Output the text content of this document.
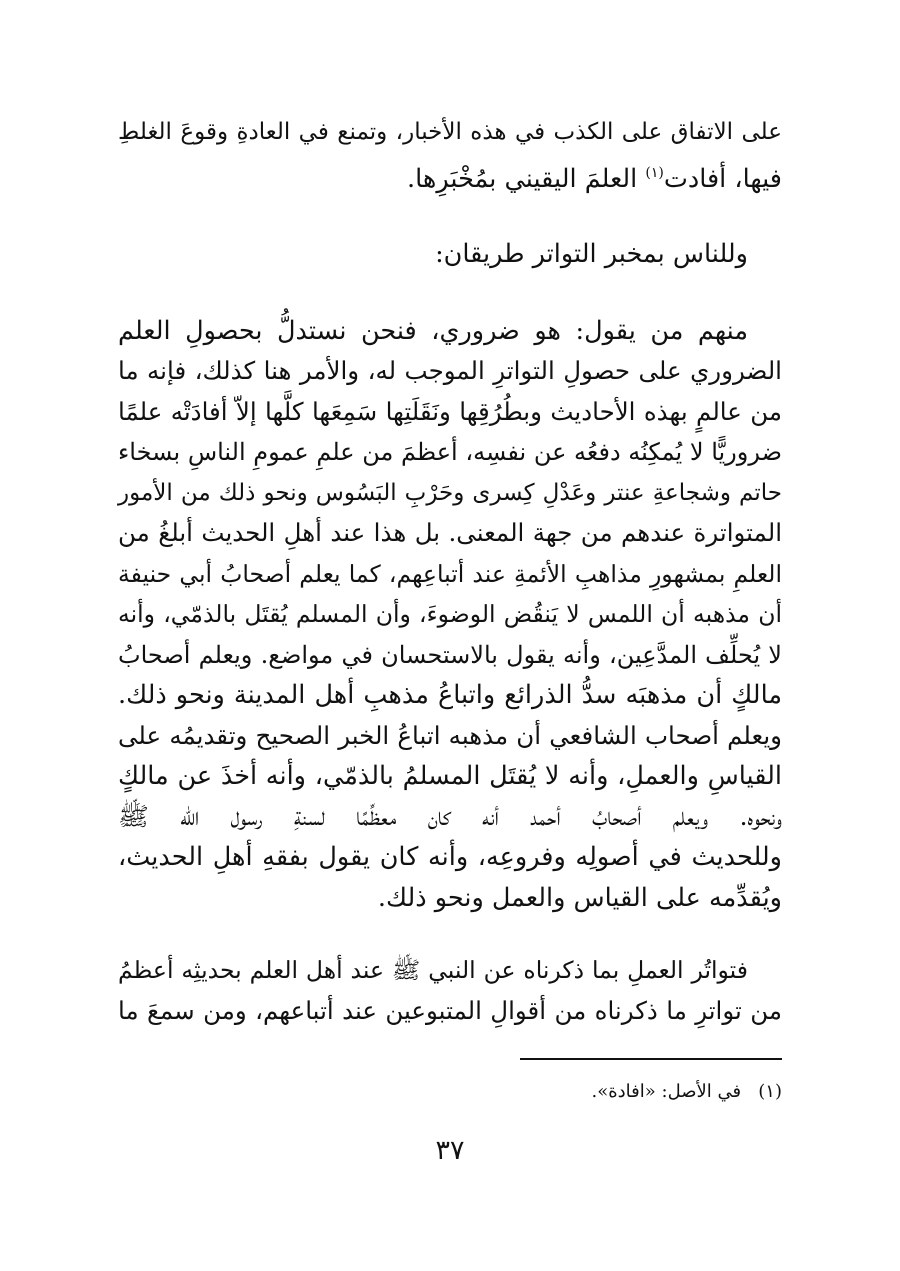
على الاتفاق على الكذب في هذه الأخبار، وتمنع في العادةِ وقوعَ الغلطِ
فيها، أفادت$^{(١)}$ العلمَ اليقيني بمُخْبَرِها.
وللناس بمخبر التواتر طريقان:
منهم من يقول: هو ضروري، فنحن نستدلُّ بحصولِ العلم
الضروري على حصولِ التواترِ الموجب له، والأمر هنا كذلك، فإنه ما
من عالمٍ بهذه الأحاديث وبطُرُقِها ونَقَلَتِها سَمِعَها كلَّها إلاّ أفادَتْه علمًا
ضروريًّا لا يُمكِنُه دفعُه عن نفسِه، أعظمَ من علمِ عمومِ الناسِ بسخاء
حاتم وشجاعةِ عنتر وعَدْلِ كِسرى وحَرْبِ البَسُوس ونحو ذلك من الأمور
المتواترة عندهم من جهة المعنى. بل هذا عند أهلِ الحديث أبلغُ من
العلمِ بمشهورِ مذاهبِ الأئمةِ عند أتباعِهم، كما يعلم أصحابُ أبي حنيفة
أن مذهبه أن اللمس لا يَنقُض الوضوءَ، وأن المسلم يُقتَل بالذمّي، وأنه
لا يُحلِّف المدَّعِين، وأنه يقول بالاستحسان في مواضع. ويعلم أصحابُ
مالكٍ أن مذهبَه سدُّ الذرائع واتباعُ مذهبِ أهل المدينة ونحو ذلك.
ويعلم أصحاب الشافعي أن مذهبه اتباعُ الخبر الصحيح وتقديمُه على
القياسِ والعملِ، وأنه لا يُقتَل المسلمُ بالذمّي، وأنه أخذَ عن مالكٍ
ونحوه. ويعلم أصحابُ أحمد أنه كان معظِّمًا لسنةِ رسول الله ﷺ
وللحديث في أصولِه وفروعِه، وأنه كان يقول بفقهِ أهلِ الحديث،
ويُقدِّمه على القياس والعمل ونحو ذلك.
فتواتُر العملِ بما ذكرناه عن النبي ﷺ عند أهل العلم بحديثِه أعظمُ
من تواترِ ما ذكرناه من أقوالِ المتبوعين عند أتباعهم، ومن سمعَ ما
(١)   في الأصل: «افادة».
٣٧
